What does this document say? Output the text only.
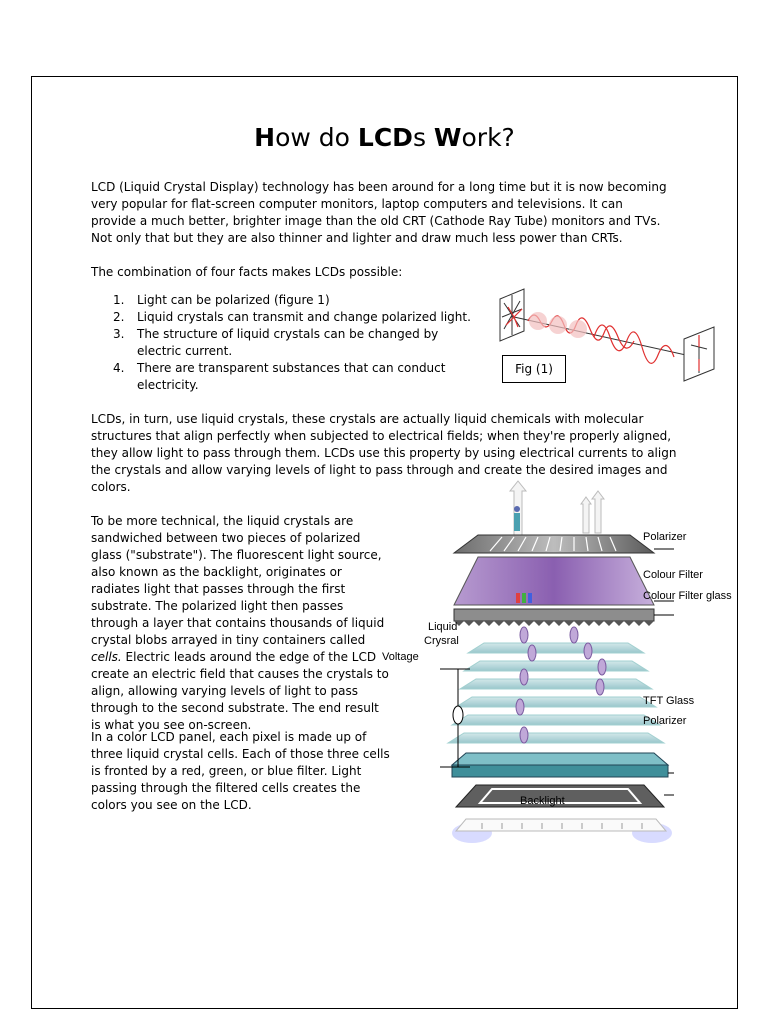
How do LCDs Work?
LCD (Liquid Crystal Display) technology has been around for a long time but it is now becoming very popular for flat-screen computer monitors, laptop computers and televisions. It can provide a much better, brighter image than the old CRT (Cathode Ray Tube) monitors and TVs. Not only that but they are also thinner and lighter and draw much less power than CRTs.
The combination of four facts makes LCDs possible:
1. Light can be polarized (figure 1)
2. Liquid crystals can transmit and change polarized light.
3. The structure of liquid crystals can be changed by electric current.
4. There are transparent substances that can conduct electricity.
Fig (1)
LCDs, in turn, use liquid crystals, these crystals are actually liquid chemicals with molecular structures that align perfectly when subjected to electrical fields; when they're properly aligned, they allow light to pass through them. LCDs use this property by using electrical currents to align the crystals and allow varying levels of light to pass through and create the desired images and colors.
To be more technical, the liquid crystals are sandwiched between two pieces of polarized glass ("substrate"). The fluorescent light source, also known as the backlight, originates or radiates light that passes through the first substrate. The polarized light then passes through a layer that contains thousands of liquid crystal blobs arrayed in tiny containers called cells. Electric leads around the edge of the LCD create an electric field that causes the crystals to align, allowing varying levels of light to pass through to the second substrate. The end result is what you see on-screen.
In a color LCD panel, each pixel is made up of three liquid crystal cells. Each of those three cells is fronted by a red, green, or blue filter. Light passing through the filtered cells creates the colors you see on the LCD.
Polarizer
Colour Filter
Colour Filter glass
Liquid
Crysral
Voltage
TFT Glass
Polarizer
Backlight
